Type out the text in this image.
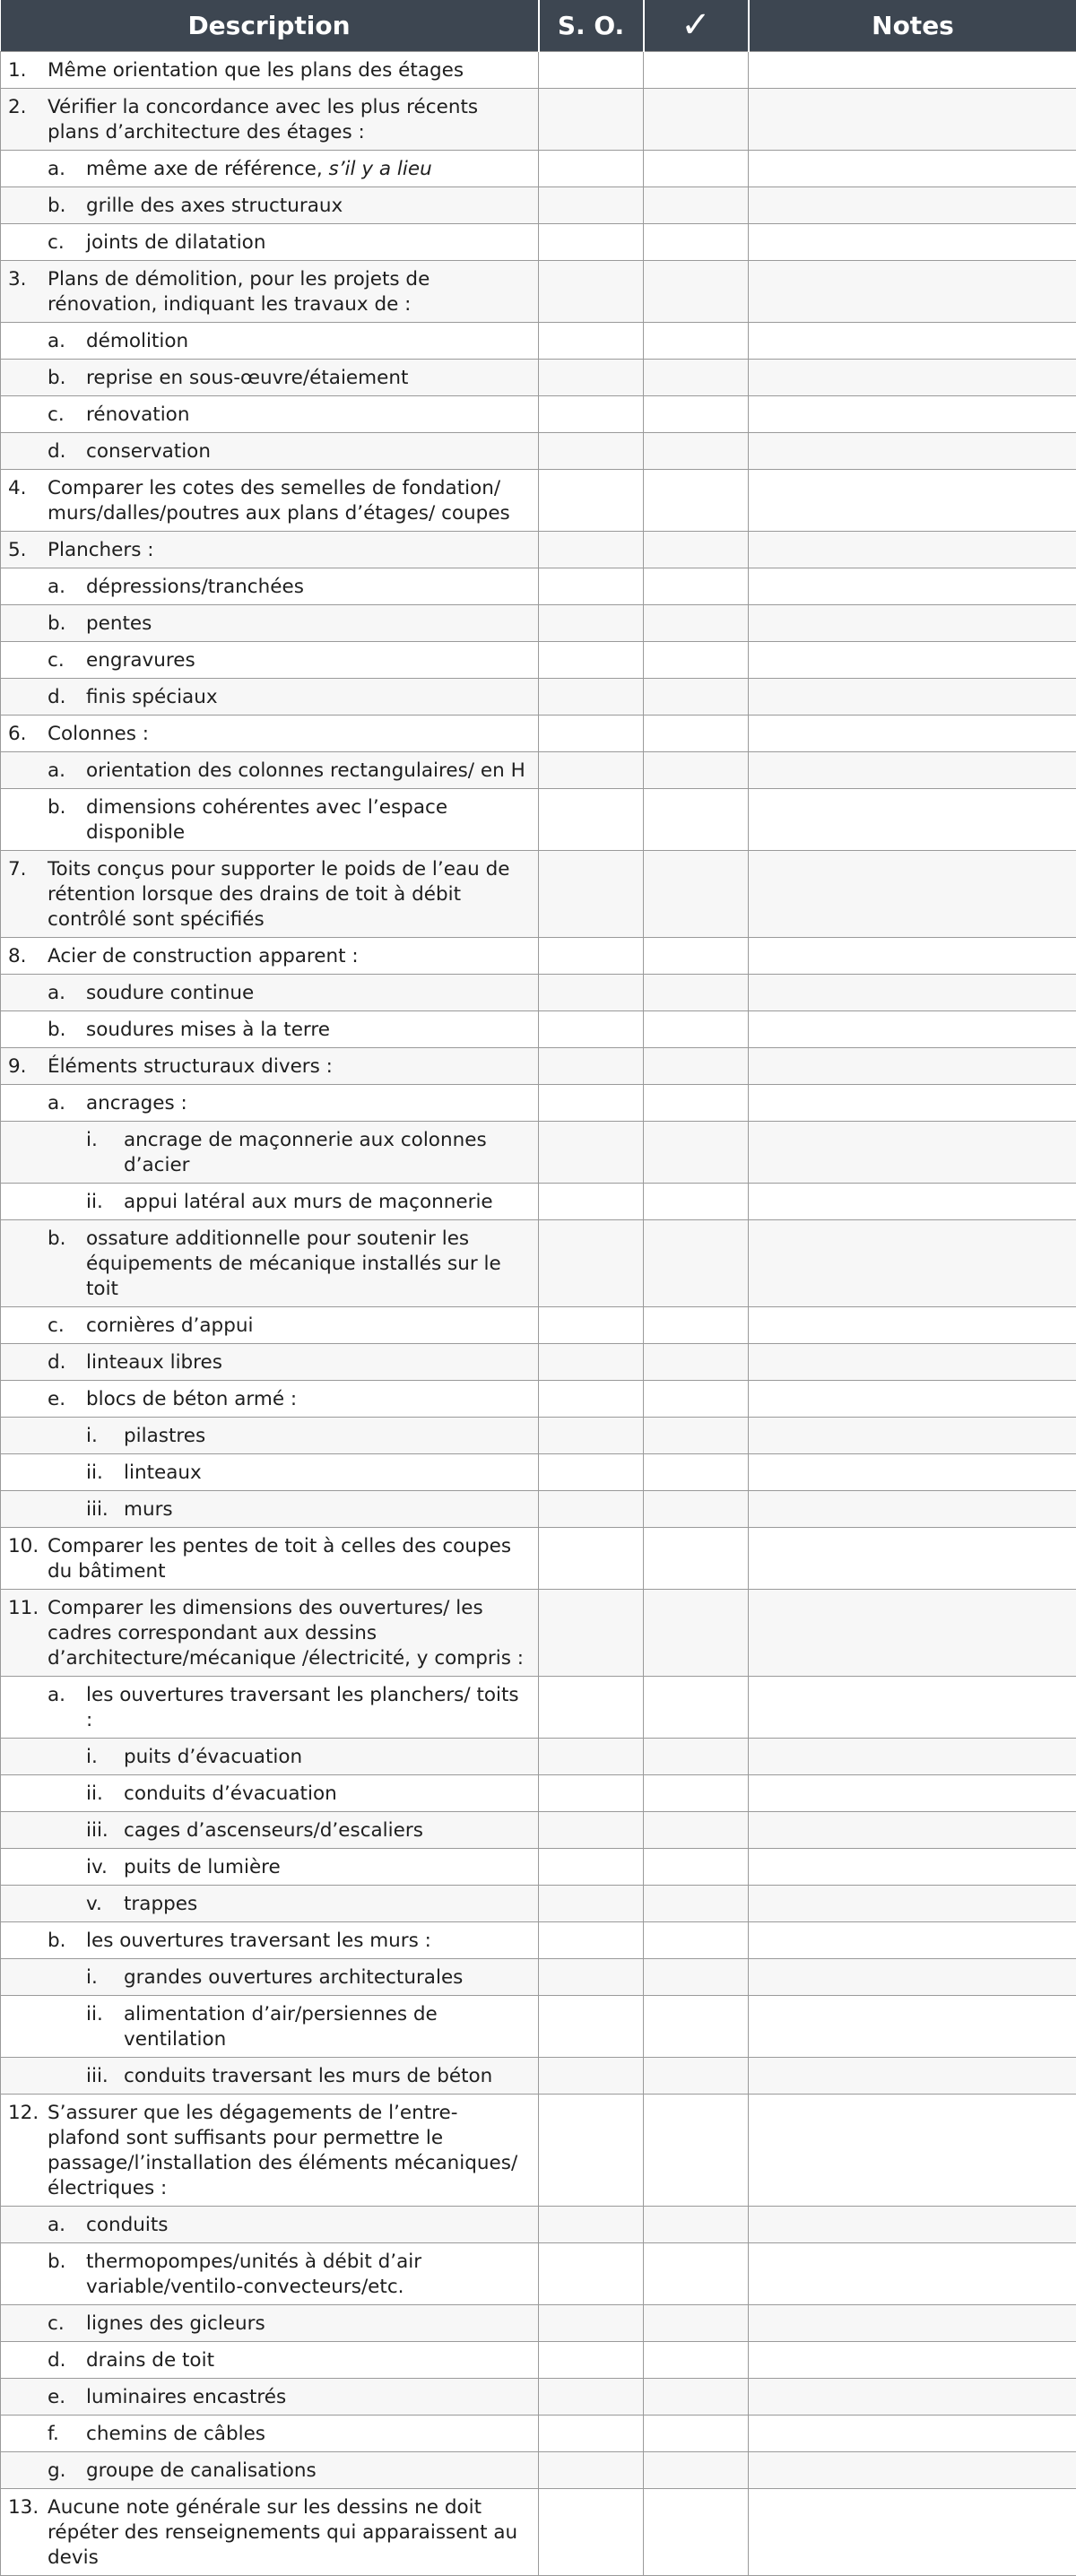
Description	S. O.	✓	Notes

1. Même orientation que les plans des étages			

2. Vérifier la concordance avec les plus récents plans d’architecture des étages :			

a. même axe de référence, s’il y a lieu			

b. grille des axes structuraux			

c. joints de dilatation			

3. Plans de démolition, pour les projets de rénovation, indiquant les travaux de :			

a. démolition			

b. reprise en sous-œuvre/étaiement			

c. rénovation			

d. conservation			

4. Comparer les cotes des semelles de fondation/ murs/dalles/poutres aux plans d’étages/ coupes			

5. Planchers :			

a. dépressions/tranchées			

b. pentes			

c. engravures			

d. finis spéciaux			

6. Colonnes :			

a. orientation des colonnes rectangulaires/ en H			

b. dimensions cohérentes avec l’espace disponible			

7. Toits conçus pour supporter le poids de l’eau de rétention lorsque des drains de toit à débit contrôlé sont spécifiés			

8. Acier de construction apparent :			

a. soudure continue			

b. soudures mises à la terre			

9. Éléments structuraux divers :			

a. ancrages :			

i. ancrage de maçonnerie aux colonnes d’acier			

ii. appui latéral aux murs de maçonnerie			

b. ossature additionnelle pour soutenir les équipements de mécanique installés sur le toit			

c. cornières d’appui			

d. linteaux libres			

e. blocs de béton armé :			

i. pilastres			

ii. linteaux			

iii. murs			

10. Comparer les pentes de toit à celles des coupes du bâtiment			

11. Comparer les dimensions des ouvertures/ les cadres correspondant aux dessins d’architecture/mécanique /électricité, y compris :			

a. les ouvertures traversant les planchers/ toits :			

i. puits d’évacuation			

ii. conduits d’évacuation			

iii. cages d’ascenseurs/d’escaliers			

iv. puits de lumière			

v. trappes			

b. les ouvertures traversant les murs :			

i. grandes ouvertures architecturales			

ii. alimentation d’air/persiennes de ventilation			

iii. conduits traversant les murs de béton			

12. S’assurer que les dégagements de l’entre- plafond sont suffisants pour permettre le passage/l’installation des éléments mécaniques/électriques :			

a. conduits			

b. thermopompes/unités à débit d’air variable/ventilo-convecteurs/etc.			

c. lignes des gicleurs			

d. drains de toit			

e. luminaires encastrés			

f. chemins de câbles			

g. groupe de canalisations			

13. Aucune note générale sur les dessins ne doit répéter des renseignements qui apparaissent au devis			
